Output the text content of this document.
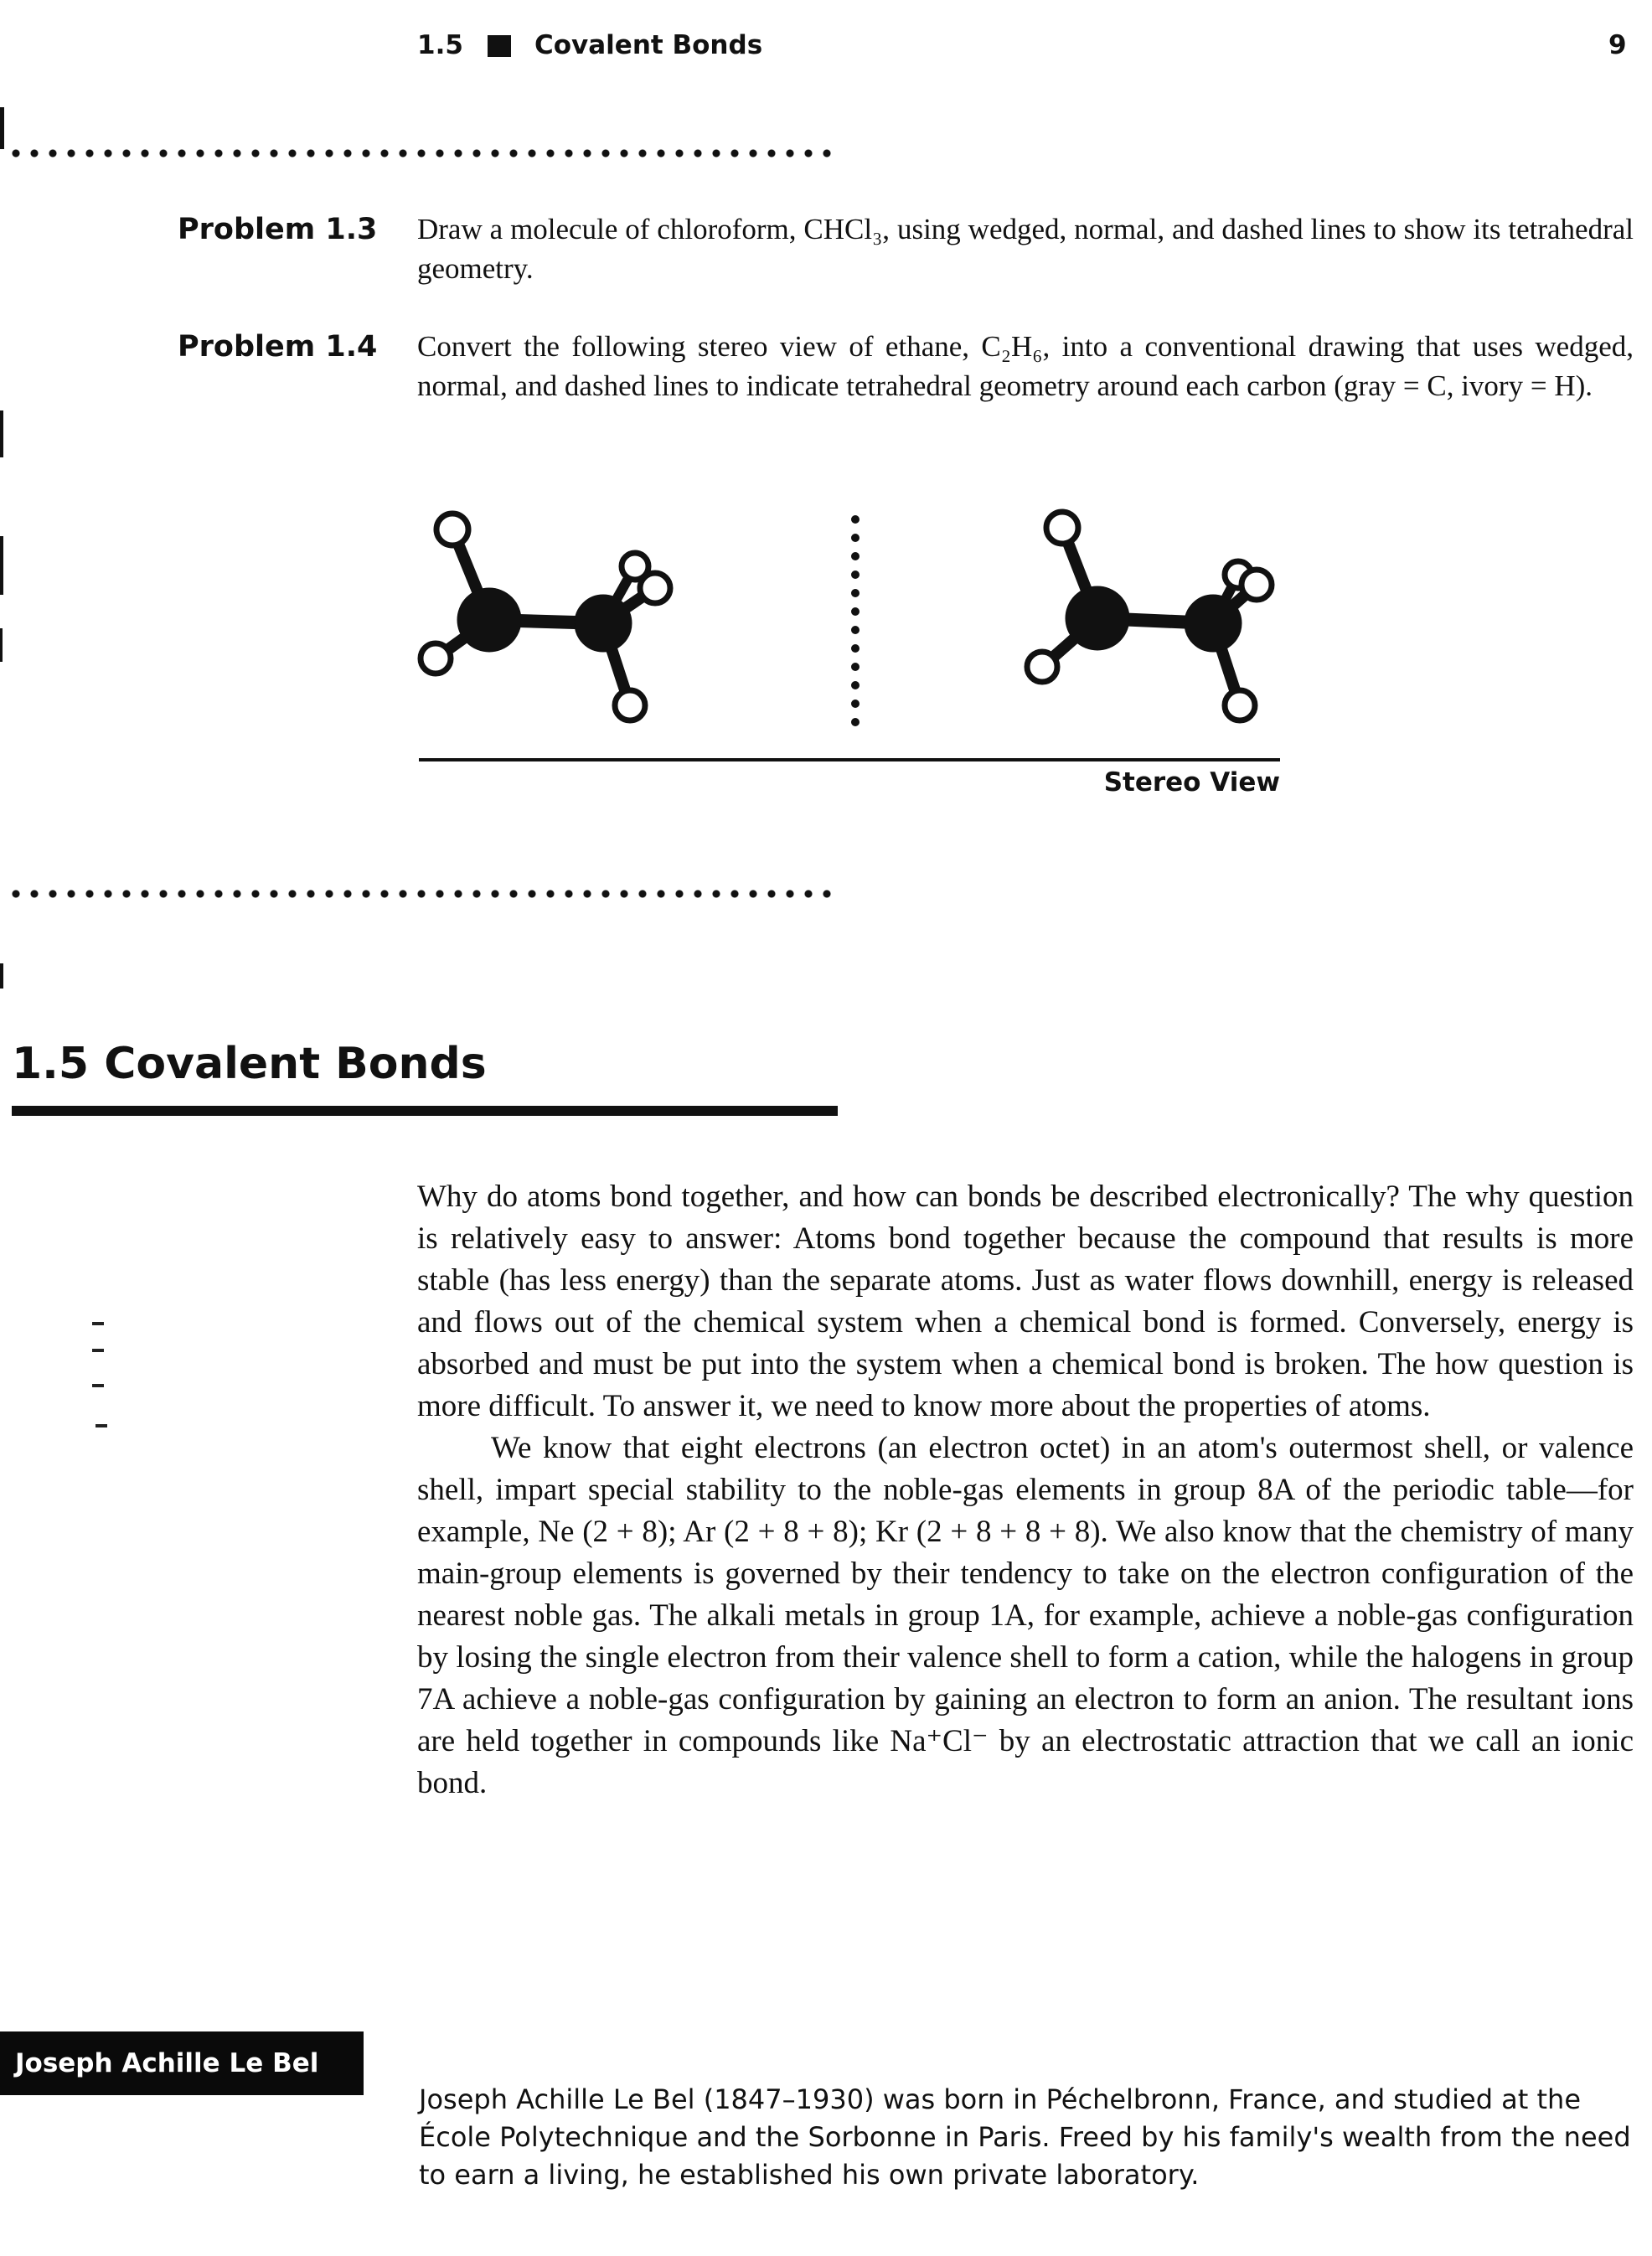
1.5	Covalent Bonds	9
Problem 1.3 Draw a molecule of chloroform, CHCl₃, using wedged, normal, and dashed lines to show its tetrahedral geometry.
Problem 1.4 Convert the following stereo view of ethane, C₂H₆, into a conventional drawing that uses wedged, normal, and dashed lines to indicate tetrahedral geometry around each carbon (gray = C, ivory = H).
Stereo View
1.5 Covalent Bonds

Why do atoms bond together, and how can bonds be described electronically? The why question is relatively easy to answer: Atoms bond together because the compound that results is more stable (has less energy) than the separate atoms. Just as water flows downhill, energy is released and flows out of the chemical system when a chemical bond is formed. Conversely, energy is absorbed and must be put into the system when a chemical bond is broken. The how question is more difficult. To answer it, we need to know more about the properties of atoms.

We know that eight electrons (an electron octet) in an atom's outermost shell, or valence shell, impart special stability to the noble-gas elements in group 8A of the periodic table—for example, Ne (2 + 8); Ar (2 + 8 + 8); Kr (2 + 8 + 8 + 8). We also know that the chemistry of many main-group elements is governed by their tendency to take on the electron configuration of the nearest noble gas. The alkali metals in group 1A, for example, achieve a noble-gas configuration by losing the single electron from their valence shell to form a cation, while the halogens in group 7A achieve a noble-gas configuration by gaining an electron to form an anion. The resultant ions are held together in compounds like Na⁺Cl⁻ by an electrostatic attraction that we call an ionic bond.

Joseph Achille Le Bel
Joseph Achille Le Bel (1847–1930) was born in Péchelbronn, France, and studied at the École Polytechnique and the Sorbonne in Paris. Freed by his family's wealth from the need to earn a living, he established his own private laboratory.
